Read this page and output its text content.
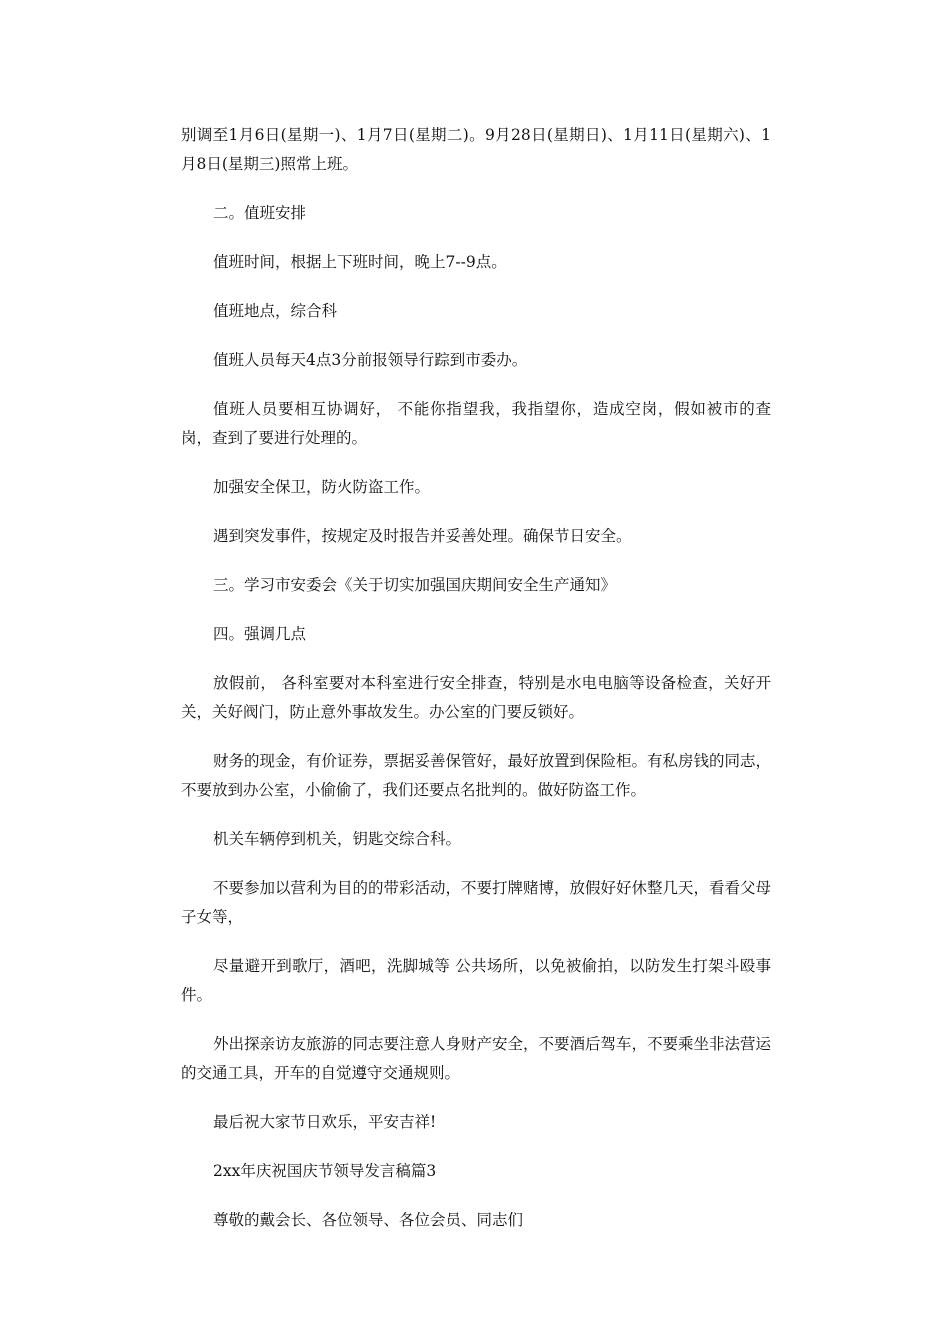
别调至1月6日(星期一)、1月7日(星期二)。9月28日(星期日)、1月11日(星期六)、1月8日(星期三)照常上班。

二。值班安排

值班时间，根据上下班时间，晚上7--9点。

值班地点，综合科

值班人员每天4点3分前报领导行踪到市委办。

值班人员要相互协调好， 不能你指望我，我指望你，造成空岗，假如被市的查岗，查到了要进行处理的。

加强安全保卫，防火防盗工作。

遇到突发事件，按规定及时报告并妥善处理。确保节日安全。

三。学习市安委会《关于切实加强国庆期间安全生产通知》

四。强调几点

放假前， 各科室要对本科室进行安全排查，特别是水电电脑等设备检查，关好开关，关好阀门，防止意外事故发生。办公室的门要反锁好。

财务的现金，有价证券，票据妥善保管好，最好放置到保险柜。有私房钱的同志，不要放到办公室，小偷偷了，我们还要点名批判的。做好防盗工作。

机关车辆停到机关，钥匙交综合科。

不要参加以营利为目的的带彩活动，不要打牌赌博，放假好好休整几天，看看父母子女等，

尽量避开到歌厅，酒吧，洗脚城等 公共场所，以免被偷拍，以防发生打架斗殴事件。

外出探亲访友旅游的同志要注意人身财产安全，不要酒后驾车，不要乘坐非法营运的交通工具，开车的自觉遵守交通规则。

最后祝大家节日欢乐，平安吉祥!

2xx年庆祝国庆节领导发言稿篇3

尊敬的戴会长、各位领导、各位会员、同志们
